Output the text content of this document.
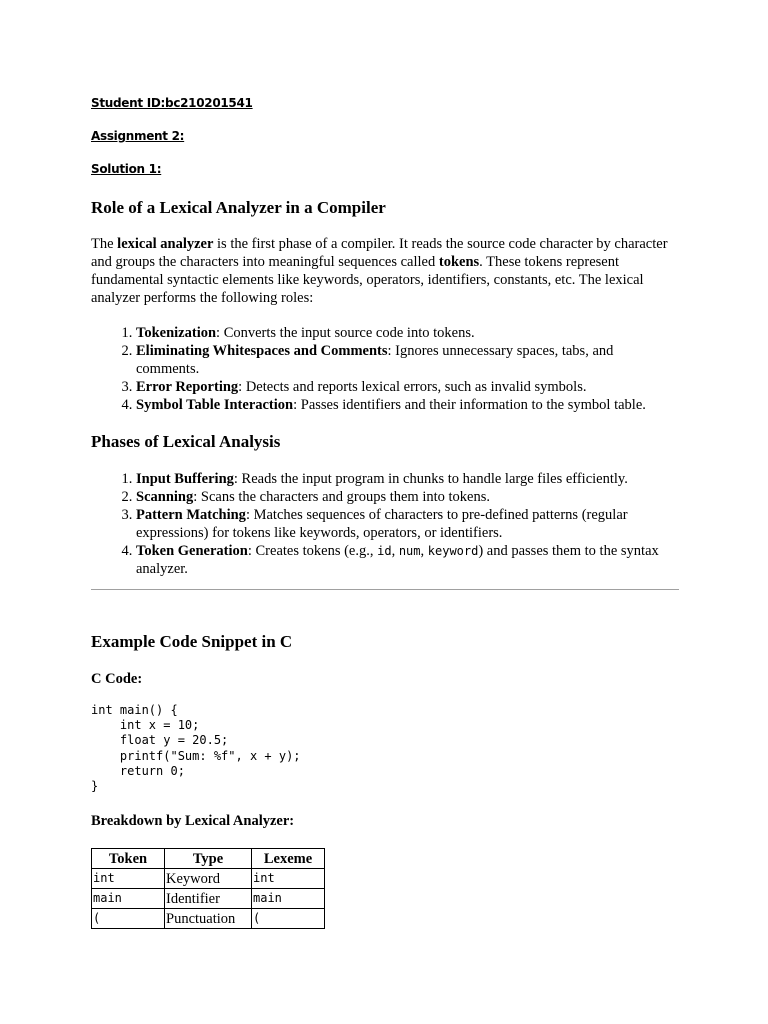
Student ID:bc210201541

Assignment 2:

Solution 1:

Role of a Lexical Analyzer in a Compiler

The lexical analyzer is the first phase of a compiler. It reads the source code character by character and groups the characters into meaningful sequences called tokens. These tokens represent fundamental syntactic elements like keywords, operators, identifiers, constants, etc. The lexical analyzer performs the following roles:

1. Tokenization: Converts the input source code into tokens.
2. Eliminating Whitespaces and Comments: Ignores unnecessary spaces, tabs, and comments.
3. Error Reporting: Detects and reports lexical errors, such as invalid symbols.
4. Symbol Table Interaction: Passes identifiers and their information to the symbol table.
Phases of Lexical Analysis
1. Input Buffering: Reads the input program in chunks to handle large files efficiently.
2. Scanning: Scans the characters and groups them into tokens.
3. Pattern Matching: Matches sequences of characters to pre-defined patterns (regular expressions) for tokens like keywords, operators, or identifiers.
4. Token Generation: Creates tokens (e.g., id, num, keyword) and passes them to the syntax analyzer.
Example Code Snippet in C

C Code:

int main() {
int x = 10;
float y = 20.5;
printf("Sum: %f", x + y);
return 0;
}

Breakdown by Lexical Analyzer:

Token	Type	Lexeme
int	Keyword	int
main	Identifier	main
(	Punctuation	(
